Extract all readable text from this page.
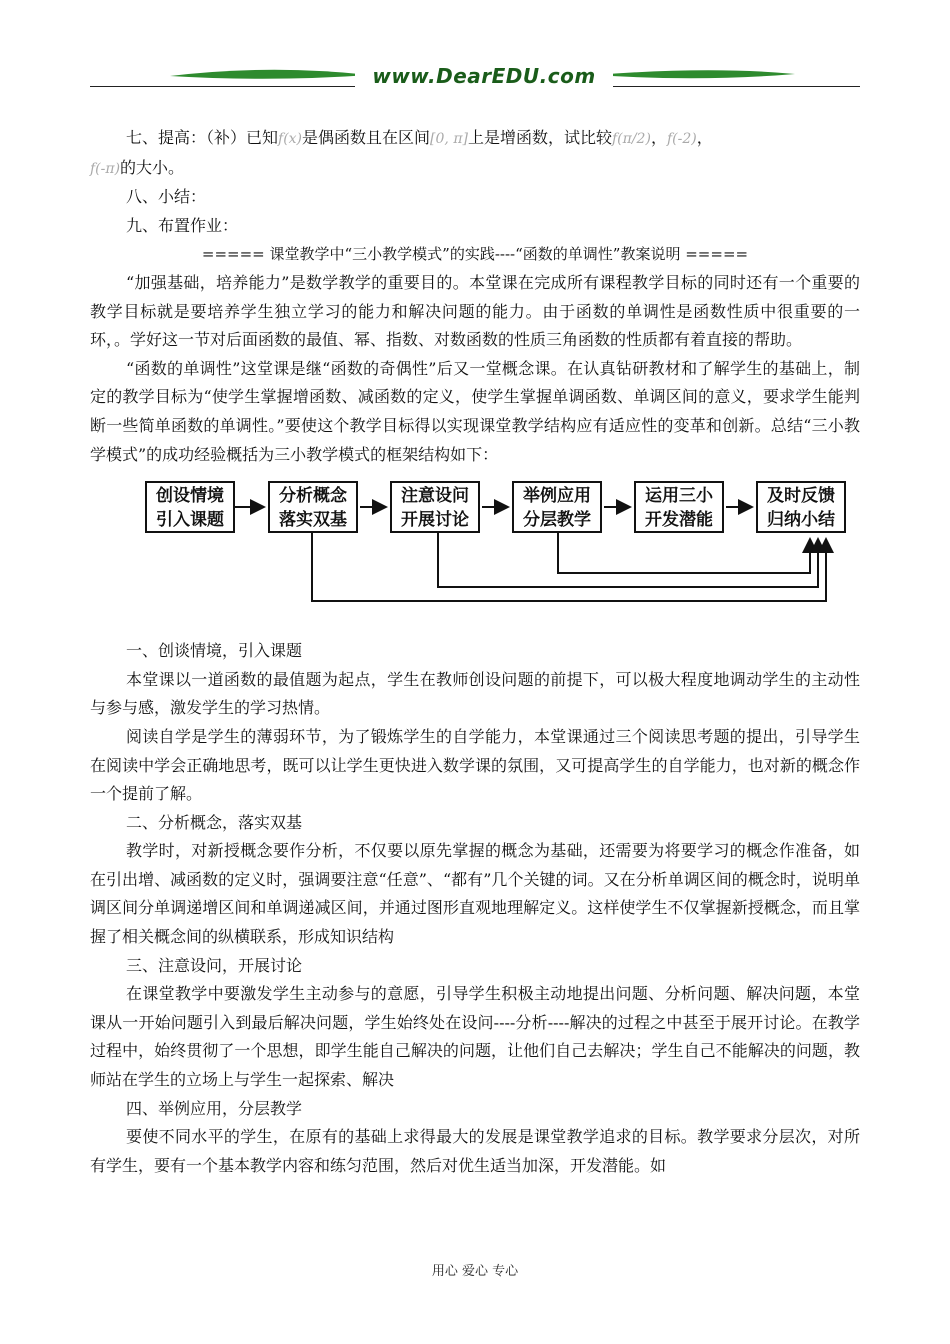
www.DearEDU.com

七、提高：（补）已知f(x)是偶函数且在区间[0, π]上是增函数，试比较f(π/2)，f(-2)，
f(-π)的大小。

八、小结：

九、布置作业：

===== 课堂教学中“三小教学模式”的实践----“函数的单调性”教案说明 =====

“加强基础，培养能力”是数学教学的重要目的。本堂课在完成所有课程教学目标的同时还有一个重要的教学目标就是要培养学生独立学习的能力和解决问题的能力。由于函数的单调性是函数性质中很重要的一环，。学好这一节对后面函数的最值、幂、指数、对数函数的性质三角函数的性质都有着直接的帮助。

“函数的单调性”这堂课是继“函数的奇偶性”后又一堂概念课。在认真钻研教材和了解学生的基础上，制定的教学目标为“使学生掌握增函数、减函数的定义，使学生掌握单调函数、单调区间的意义，要求学生能判断一些简单函数的单调性。”要使这个教学目标得以实现课堂教学结构应有适应性的变革和创新。总结“三小教学模式”的成功经验概括为三小教学模式的框架结构如下：

创设情境
引入课题
分析概念
落实双基
注意设问
开展讨论
举例应用
分层教学
运用三小
开发潜能
及时反馈
归纳小结

一、创谈情境，引入课题

本堂课以一道函数的最值题为起点，学生在教师创设问题的前提下，可以极大程度地调动学生的主动性与参与感，激发学生的学习热情。

阅读自学是学生的薄弱环节，为了锻炼学生的自学能力，本堂课通过三个阅读思考题的提出，引导学生在阅读中学会正确地思考，既可以让学生更快进入数学课的氛围，又可提高学生的自学能力，也对新的概念作一个提前了解。

二、分析概念，落实双基

教学时，对新授概念要作分析，不仅要以原先掌握的概念为基础，还需要为将要学习的概念作准备，如在引出增、减函数的定义时，强调要注意“任意”、“都有”几个关键的词。又在分析单调区间的概念时，说明单调区间分单调递增区间和单调递减区间，并通过图形直观地理解定义。这样使学生不仅掌握新授概念，而且掌握了相关概念间的纵横联系，形成知识结构

三、注意设问，开展讨论

在课堂教学中要激发学生主动参与的意愿，引导学生积极主动地提出问题、分析问题、解决问题，本堂课从一开始问题引入到最后解决问题，学生始终处在设问----分析----解决的过程之中甚至于展开讨论。在教学过程中，始终贯彻了一个思想，即学生能自己解决的问题，让他们自己去解决；学生自己不能解决的问题，教师站在学生的立场上与学生一起探索、解决

四、举例应用，分层教学

要使不同水平的学生，在原有的基础上求得最大的发展是课堂教学追求的目标。教学要求分层次，对所有学生，要有一个基本教学内容和练匀范围，然后对优生适当加深，开发潜能。如

用心 爱心 专心
